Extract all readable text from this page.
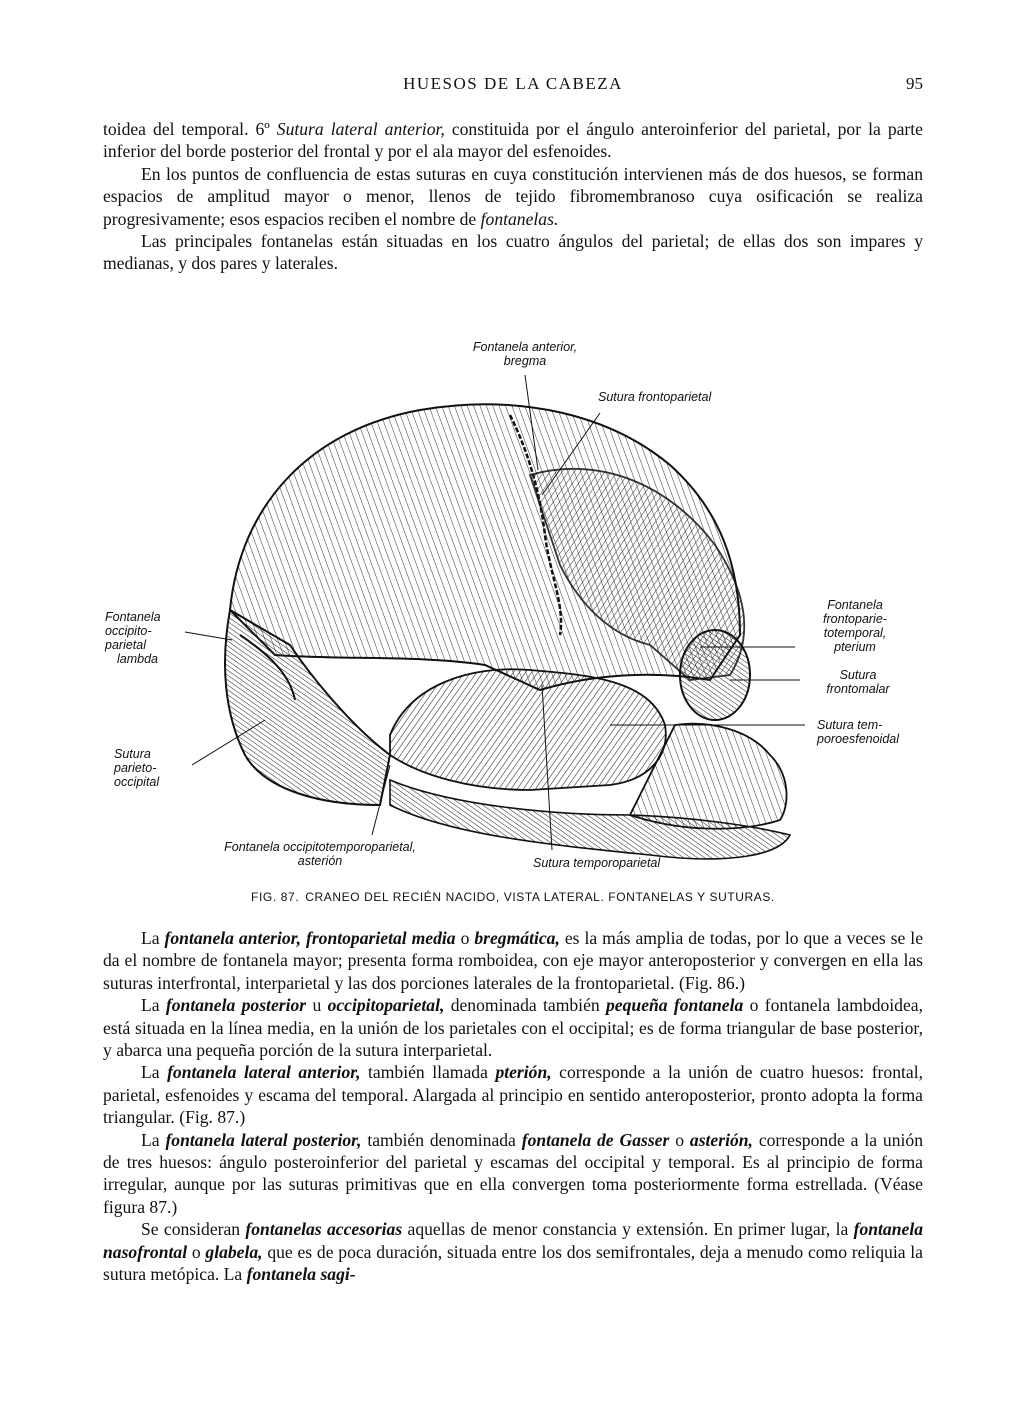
HUESOS DE LA CABEZA	95

toidea del temporal. 6º Sutura lateral anterior, constituida por el ángulo anteroinferior del parietal, por la parte inferior del borde posterior del frontal y por el ala mayor del esfenoides.

En los puntos de confluencia de estas suturas en cuya constitución intervienen más de dos huesos, se forman espacios de amplitud mayor o menor, llenos de tejido fibromembranoso cuya osificación se realiza progresivamente; esos espacios reciben el nombre de fontanelas.

Las principales fontanelas están situadas en los cuatro ángulos del parietal; de ellas dos son impares y medianas, y dos pares y laterales.

Fontanela anterior,
bregma
Sutura frontoparietal
Fontanela
occipito-
parietal
lambda
Sutura
parieto-
occipital
Fontanela
frontoparie-
totemporal,
pterium
Sutura
frontomalar
Sutura tem-
poroesfenoidal
Fontanela occipitotemporoparietal,
asterión	Sutura temporoparietal
FIG. 87. CRANEO DEL RECIÉN NACIDO, VISTA LATERAL. FONTANELAS Y SUTURAS.

La fontanela anterior, frontoparietal media o bregmática, es la más amplia de todas, por lo que a veces se le da el nombre de fontanela mayor; presenta forma romboidea, con eje mayor anteroposterior y convergen en ella las suturas interfrontal, interparietal y las dos porciones laterales de la frontoparietal. (Fig. 86.)

La fontanela posterior u occipitoparietal, denominada también pequeña fontanela o fontanela lambdoidea, está situada en la línea media, en la unión de los parietales con el occipital; es de forma triangular de base posterior, y abarca una pequeña porción de la sutura interparietal.

La fontanela lateral anterior, también llamada pterión, corresponde a la unión de cuatro huesos: frontal, parietal, esfenoides y escama del temporal. Alargada al principio en sentido anteroposterior, pronto adopta la forma triangular. (Fig. 87.)

La fontanela lateral posterior, también denominada fontanela de Gasser o asterión, corresponde a la unión de tres huesos: ángulo posteroinferior del parietal y escamas del occipital y temporal. Es al principio de forma irregular, aunque por las suturas primitivas que en ella convergen toma posteriormente forma estrellada. (Véase figura 87.)

Se consideran fontanelas accesorias aquellas de menor constancia y extensión. En primer lugar, la fontanela nasofrontal o glabela, que es de poca duración, situada entre los dos semifrontales, deja a menudo como reliquia la sutura metópica. La fontanela sagi-
